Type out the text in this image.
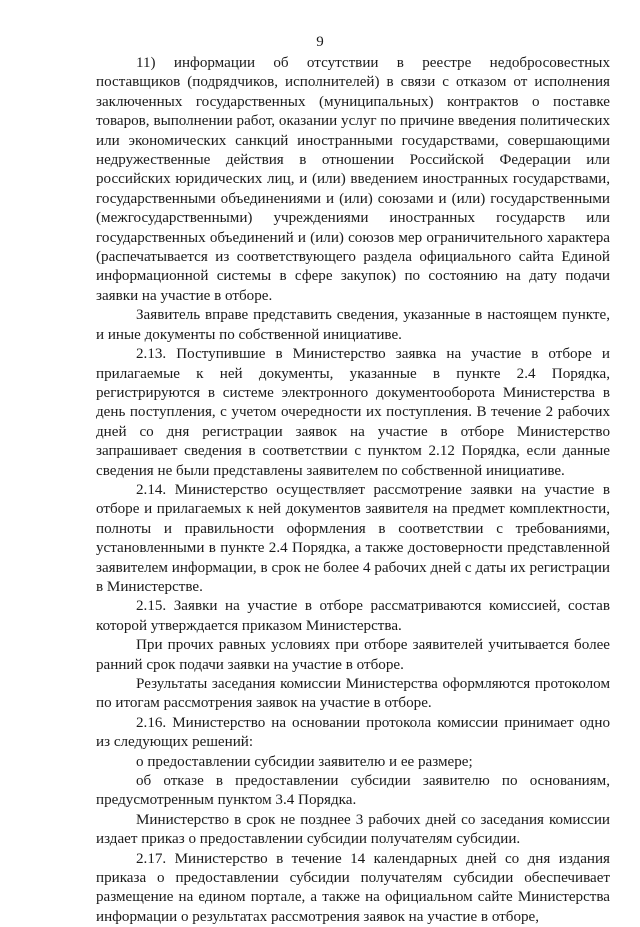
9

11) информации об отсутствии в реестре недобросовестных поставщиков (подрядчиков, исполнителей) в связи с отказом от исполнения заключенных государственных (муниципальных) контрактов о поставке товаров, выполнении работ, оказании услуг по причине введения политических или экономических санкций иностранными государствами, совершающими недружественные действия в отношении Российской Федерации или российских юридических лиц, и (или) введением иностранных государствами, государственными объединениями и (или) союзами и (или) государственными (межгосударственными) учреждениями иностранных государств или государственных объединений и (или) союзов мер ограничительного характера (распечатывается из соответствующего раздела официального сайта Единой информационной системы в сфере закупок) по состоянию на дату подачи заявки на участие в отборе.

Заявитель вправе представить сведения, указанные в настоящем пункте, и иные документы по собственной инициативе.

2.13. Поступившие в Министерство заявка на участие в отборе и прилагаемые к ней документы, указанные в пункте 2.4 Порядка, регистрируются в системе электронного документооборота Министерства в день поступления, с учетом очередности их поступления. В течение 2 рабочих дней со дня регистрации заявок на участие в отборе Министерство запрашивает сведения в соответствии с пунктом 2.12 Порядка, если данные сведения не были представлены заявителем по собственной инициативе.

2.14. Министерство осуществляет рассмотрение заявки на участие в отборе и прилагаемых к ней документов заявителя на предмет комплектности, полноты и правильности оформления в соответствии с требованиями, установленными в пункте 2.4 Порядка, а также достоверности представленной заявителем информации, в срок не более 4 рабочих дней с даты их регистрации в Министерстве.

2.15. Заявки на участие в отборе рассматриваются комиссией, состав которой утверждается приказом Министерства.

При прочих равных условиях при отборе заявителей учитывается более ранний срок подачи заявки на участие в отборе.

Результаты заседания комиссии Министерства оформляются протоколом по итогам рассмотрения заявок на участие в отборе.

2.16. Министерство на основании протокола комиссии принимает одно из следующих решений:

о предоставлении субсидии заявителю и ее размере;

об отказе в предоставлении субсидии заявителю по основаниям, предусмотренным пунктом 3.4 Порядка.

Министерство в срок не позднее 3 рабочих дней со заседания комиссии издает приказ о предоставлении субсидии получателям субсидии.

2.17. Министерство в течение 14 календарных дней со дня издания приказа о предоставлении субсидии получателям субсидии обеспечивает размещение на едином портале, а также на официальном сайте Министерства информации о результатах рассмотрения заявок на участие в отборе,
